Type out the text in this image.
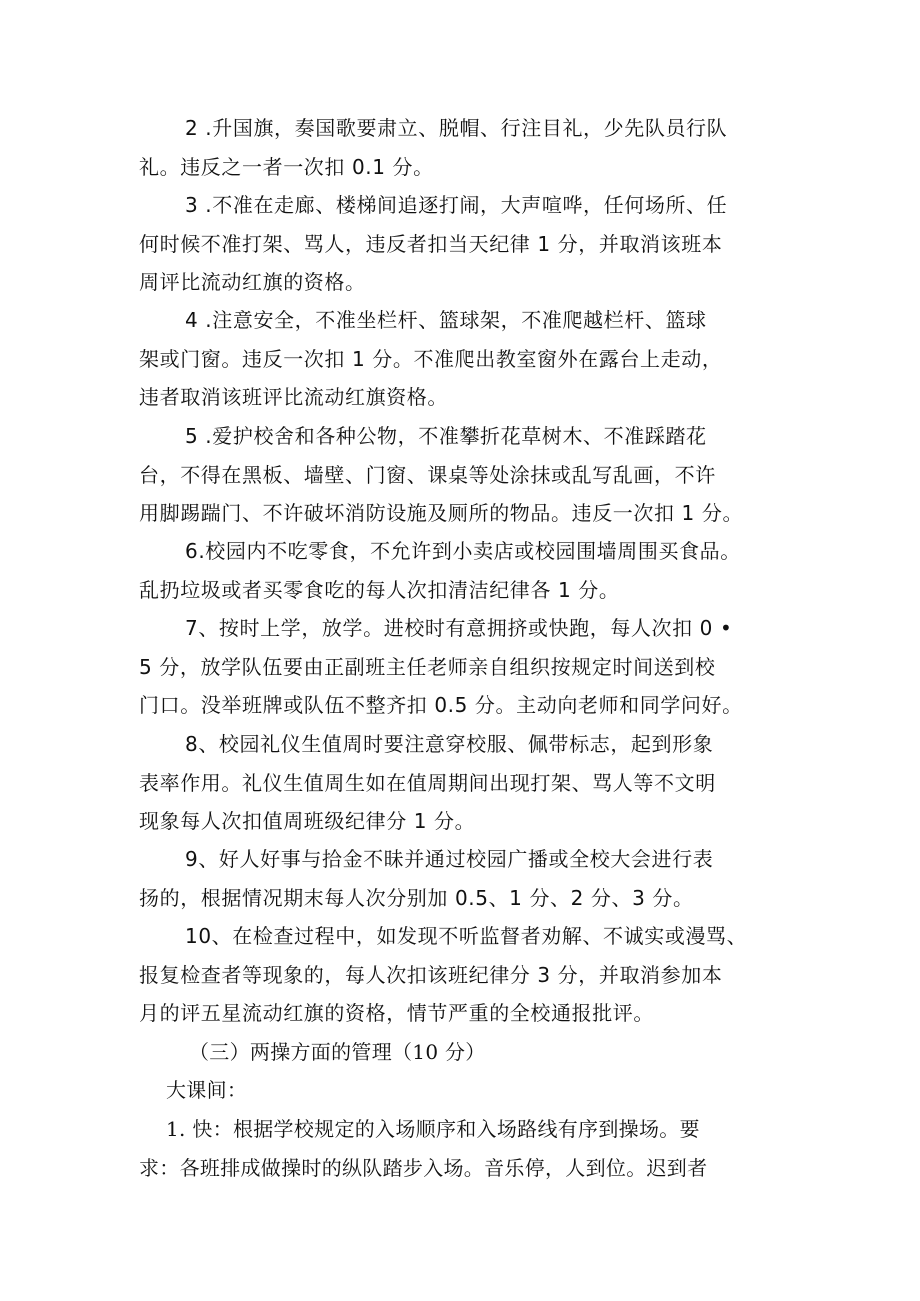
2 .升国旗，奏国歌要肃立、脱帽、行注目礼，少先队员行队
礼。违反之一者一次扣 0.1 分。
3 .不准在走廊、楼梯间追逐打闹，大声喧哗，任何场所、任
何时候不准打架、骂人，违反者扣当天纪律 1 分，并取消该班本
周评比流动红旗的资格。
4 .注意安全，不准坐栏杆、篮球架，不准爬越栏杆、篮球
架或门窗。违反一次扣 1 分。不准爬出教室窗外在露台上走动，
违者取消该班评比流动红旗资格。
5 .爱护校舍和各种公物，不准攀折花草树木、不准踩踏花
台，不得在黑板、墙壁、门窗、课桌等处涂抹或乱写乱画，不许
用脚踢踹门、不许破坏消防设施及厕所的物品。违反一次扣 1 分。
6.校园内不吃零食，不允许到小卖店或校园围墙周围买食品。
乱扔垃圾或者买零食吃的每人次扣清洁纪律各 1 分。
7、按时上学，放学。进校时有意拥挤或快跑，每人次扣 0 •
5 分，放学队伍要由正副班主任老师亲自组织按规定时间送到校
门口。没举班牌或队伍不整齐扣 0.5 分。主动向老师和同学问好。
8、校园礼仪生值周时要注意穿校服、佩带标志，起到形象
表率作用。礼仪生值周生如在值周期间出现打架、骂人等不文明
现象每人次扣值周班级纪律分 1 分。
9、好人好事与拾金不昧并通过校园广播或全校大会进行表
扬的，根据情况期末每人次分别加 0.5、1 分、2 分、3 分。
10、在检查过程中，如发现不听监督者劝解、不诚实或漫骂、
报复检查者等现象的，每人次扣该班纪律分 3 分，并取消参加本
月的评五星流动红旗的资格，情节严重的全校通报批评。
（三）两操方面的管理（10 分）
大课间：
1. 快：根据学校规定的入场顺序和入场路线有序到操场。要
求：各班排成做操时的纵队踏步入场。音乐停，人到位。迟到者
